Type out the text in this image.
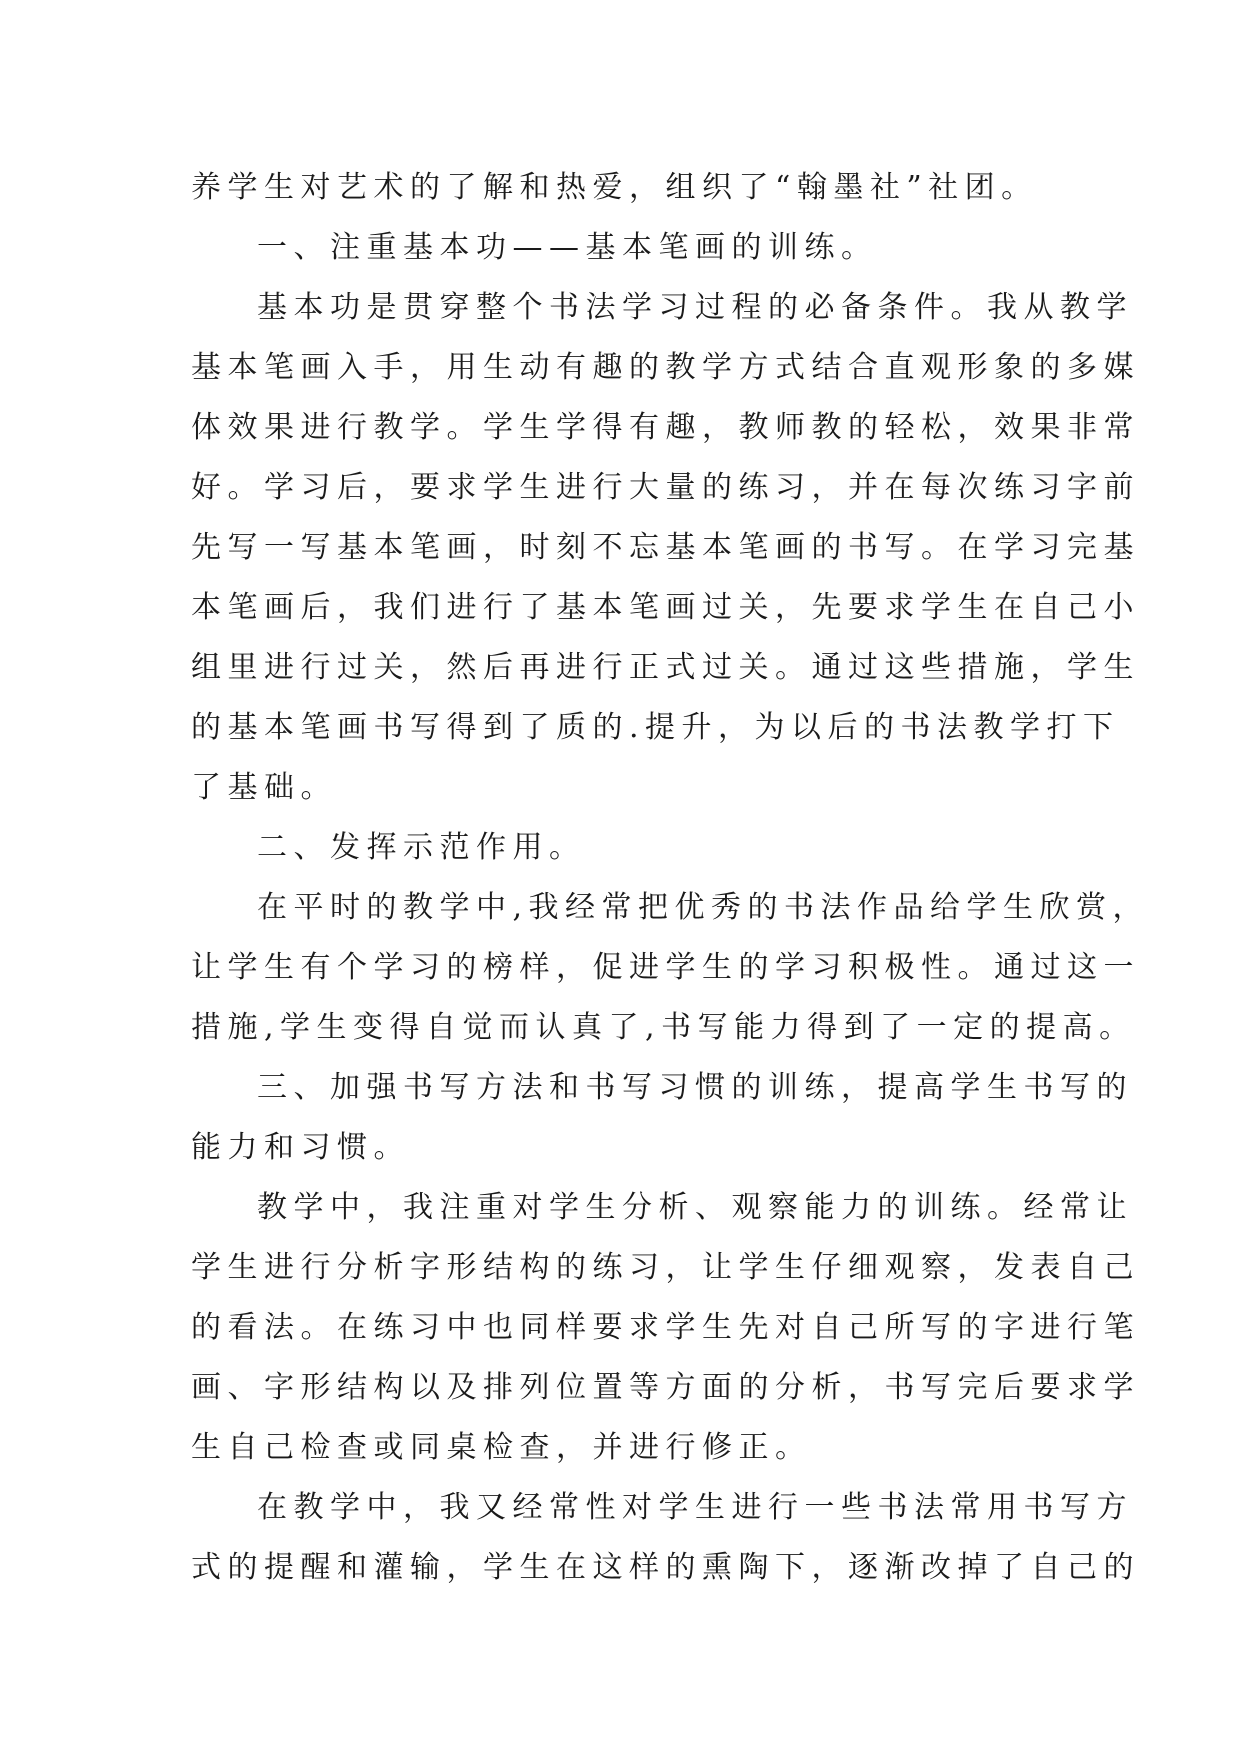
养学生对艺术的了解和热爱，组织了“翰墨社”社团。
一、注重基本功——基本笔画的训练。
基本功是贯穿整个书法学习过程的必备条件。我从教学
基本笔画入手，用生动有趣的教学方式结合直观形象的多媒
体效果进行教学。学生学得有趣，教师教的轻松，效果非常
好。学习后，要求学生进行大量的练习，并在每次练习字前
先写一写基本笔画，时刻不忘基本笔画的书写。在学习完基
本笔画后，我们进行了基本笔画过关，先要求学生在自己小
组里进行过关，然后再进行正式过关。通过这些措施，学生
的基本笔画书写得到了质的.提升，为以后的书法教学打下
了基础。
二、发挥示范作用。
在平时的教学中,我经常把优秀的书法作品给学生欣赏，
让学生有个学习的榜样，促进学生的学习积极性。通过这一
措施,学生变得自觉而认真了,书写能力得到了一定的提高。
三、加强书写方法和书写习惯的训练，提高学生书写的
能力和习惯。
教学中，我注重对学生分析、观察能力的训练。经常让
学生进行分析字形结构的练习，让学生仔细观察，发表自己
的看法。在练习中也同样要求学生先对自己所写的字进行笔
画、字形结构以及排列位置等方面的分析，书写完后要求学
生自己检查或同桌检查，并进行修正。
在教学中，我又经常性对学生进行一些书法常用书写方
式的提醒和灌输，学生在这样的熏陶下，逐渐改掉了自己的
